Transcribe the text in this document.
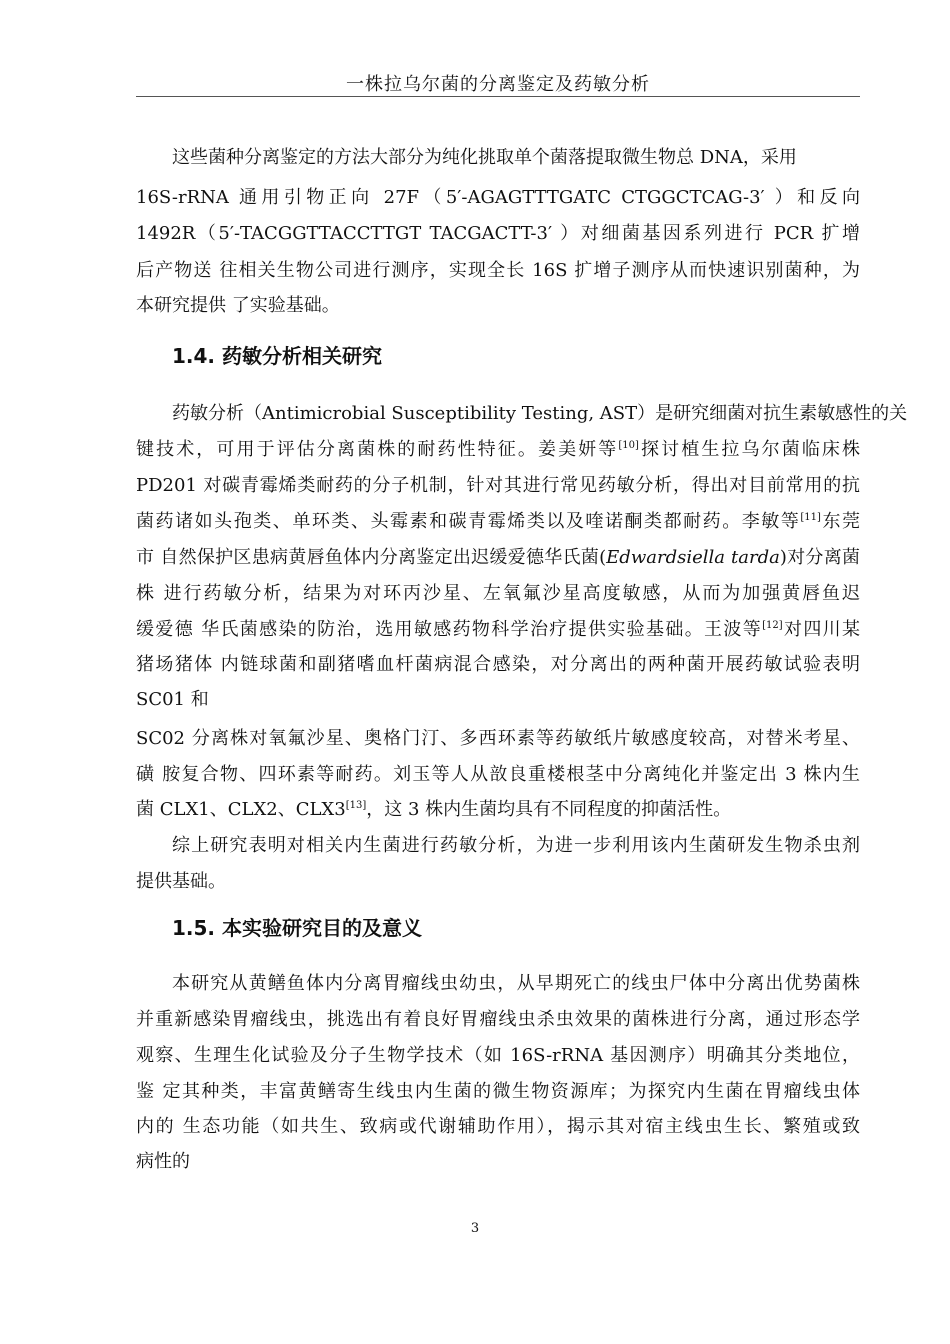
一株拉乌尔菌的分离鉴定及药敏分析
这些菌种分离鉴定的方法大部分为纯化挑取单个菌落提取微生物总 DNA，采用
16S-rRNA 通用引物正向 27F（5′-AGAGTTTGATC CTGGCTCAG-3′ ）和反向
1492R（5′-TACGGTTACCTTGT TACGACTT-3′ ）对细菌基因系列进行 PCR 扩增
后产物送 往相关生物公司进行测序，实现全长 16S 扩增子测序从而快速识别菌种，为
本研究提供 了实验基础。
1.4. 药敏分析相关研究
药敏分析（Antimicrobial Susceptibility Testing, AST）是研究细菌对抗生素敏感性的关
键技术，可用于评估分离菌株的耐药性特征。姜美妍等[10]探讨植生拉乌尔菌临床株
PD201 对碳青霉烯类耐药的分子机制，针对其进行常见药敏分析，得出对目前常用的抗
菌药诸如头孢类、单环类、头霉素和碳青霉烯类以及喹诺酮类都耐药。李敏等[11]东莞
市 自然保护区患病黄唇鱼体内分离鉴定出迟缓爱德华氏菌(Edwardsiella tarda)对分离菌
株 进行药敏分析，结果为对环丙沙星、左氧氟沙星高度敏感，从而为加强黄唇鱼迟
缓爱德 华氏菌感染的防治，选用敏感药物科学治疗提供实验基础。王波等[12]对四川某
猪场猪体 内链球菌和副猪嗜血杆菌病混合感染，对分离出的两种菌开展药敏试验表明
SC01 和
SC02 分离株对氧氟沙星、奥格门汀、多西环素等药敏纸片敏感度较高，对替米考星、
磺 胺复合物、四环素等耐药。刘玉等人从敨良重楼根茎中分离纯化并鉴定出 3 株内生
菌 CLX1、CLX2、CLX3[13]，这 3 株内生菌均具有不同程度的抑菌活性。
综上研究表明对相关内生菌进行药敏分析，为进一步利用该内生菌研发生物杀虫剂
提供基础。
1.5. 本实验研究目的及意义
本研究从黄鳝鱼体内分离胃瘤线虫幼虫，从早期死亡的线虫尸体中分离出优势菌株
并重新感染胃瘤线虫，挑选出有着良好胃瘤线虫杀虫效果的菌株进行分离，通过形态学
观察、生理生化试验及分子生物学技术（如 16S-rRNA 基因测序）明确其分类地位，
鉴 定其种类，丰富黄鳝寄生线虫内生菌的微生物资源库；为探究内生菌在胃瘤线虫体
内的 生态功能（如共生、致病或代谢辅助作用），揭示其对宿主线虫生长、繁殖或致
病性的
3
